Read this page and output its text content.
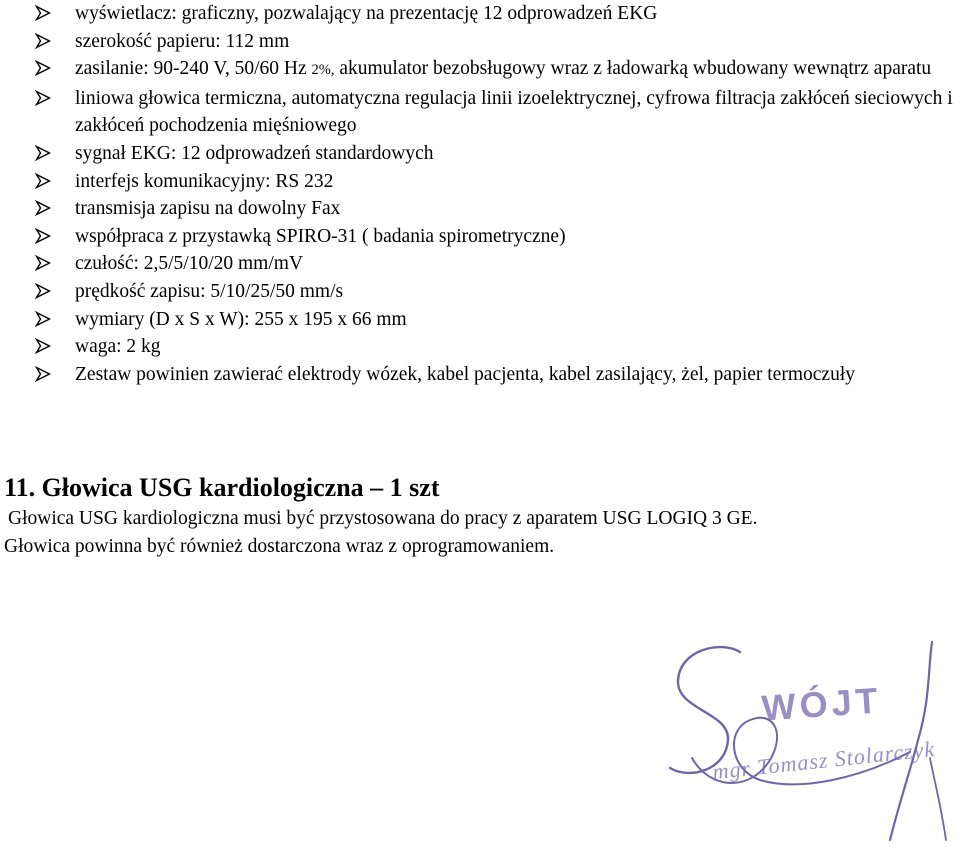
wyświetlacz: graficzny, pozwalający na prezentację 12 odprowadzeń EKG
szerokość papieru: 112 mm
zasilanie: 90-240 V, 50/60 Hz 2%, akumulator bezobsługowy wraz z ładowarką wbudowany wewnątrz aparatu
liniowa głowica termiczna, automatyczna regulacja linii izoelektrycznej, cyfrowa filtracja zakłóceń sieciowych i zakłóceń pochodzenia mięśniowego
sygnał EKG: 12 odprowadzeń standardowych
interfejs komunikacyjny: RS 232
transmisja zapisu na dowolny Fax
współpraca z przystawką SPIRO-31 ( badania spirometryczne)
czułość: 2,5/5/10/20 mm/mV
prędkość zapisu: 5/10/25/50 mm/s
wymiary (D x S x W): 255 x 195 x 66 mm
waga: 2 kg
Zestaw powinien zawierać elektrody wózek, kabel pacjenta, kabel zasilający, żel, papier termoczuły
11. Głowica USG kardiologiczna – 1 szt

Głowica USG kardiologiczna musi być przystosowana do pracy z aparatem USG LOGIQ 3 GE.
Głowica powinna być również dostarczona wraz z oprogramowaniem.

WÓJT
mgr Tomasz Stolarczyk
